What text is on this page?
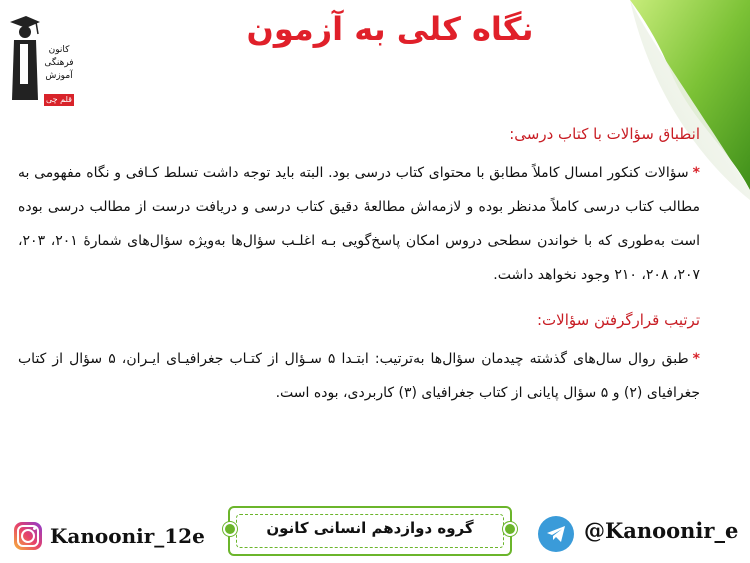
کانون
فرهنگی
آموزش
قلم چی
نگاه کلی به آزمون
انطباق سؤالات با کتاب درسی:

*سؤالات کنکور امسال کاملاً مطابق با محتوای کتاب درسی بود. البته باید توجه داشت تسلط کـافی و نگاه مفهومی به مطالب کتاب درسی کاملاً مدنظر بوده و لازمه‌اش مطالعهٔ دقیق کتاب درسی و دریافت درست از مطالب درسی بوده است به‌طوری که با خواندن سطحی دروس امکان پاسخ‌گویی بـه اغلـب سؤال‌ها به‌ویژه سؤال‌های شمارهٔ ۲۰۱، ۲۰۳، ۲۰۷، ۲۰۸، ۲۱۰ وجود نخواهد داشت.

ترتیب قرارگرفتن سؤالات:

*طبق روال سال‌های گذشته چیدمان سؤال‌ها به‌ترتیب: ابتـدا ۵ سـؤال از کتـاب جغرافیـای ایـران، ۵ سؤال از کتاب جغرافیای (۲) و ۵ سؤال پایانی از کتاب جغرافیای (۳) کاربردی، بوده است.

Kanoonir_12e	گروه دوازدهم انسانی کانون	@Kanoonir_e
